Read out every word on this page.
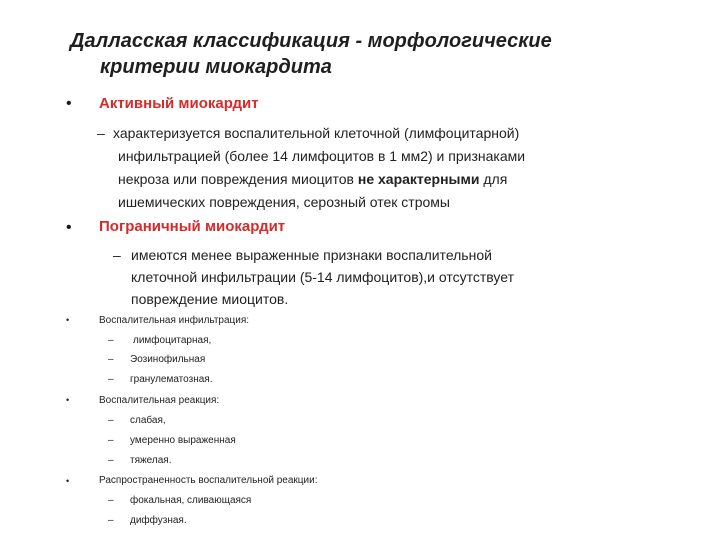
Далласская классификация - морфологические
критерии миокардита
• Активный миокардит
– характеризуется воспалительной клеточной (лимфоцитарной)
инфильтрацией (более 14 лимфоцитов в 1 мм2) и признаками
некроза или повреждения миоцитов не характерными для
ишемических повреждения, серозный отек стромы
• Пограничный миокардит
– имеются менее выраженные признаки воспалительной
клеточной инфильтрации (5-14 лимфоцитов),и отсутствует
повреждение миоцитов.
•	Воспалительная инфильтрация:
– лимфоцитарная,
– Эозинофильная
– гранулематозная.
•	Воспалительная реакция:
– слабая,
– умеренно выраженная
– тяжелая.
•	Распространенность воспалительной реакции:
– фокальная, сливающаяся
– диффузная.
